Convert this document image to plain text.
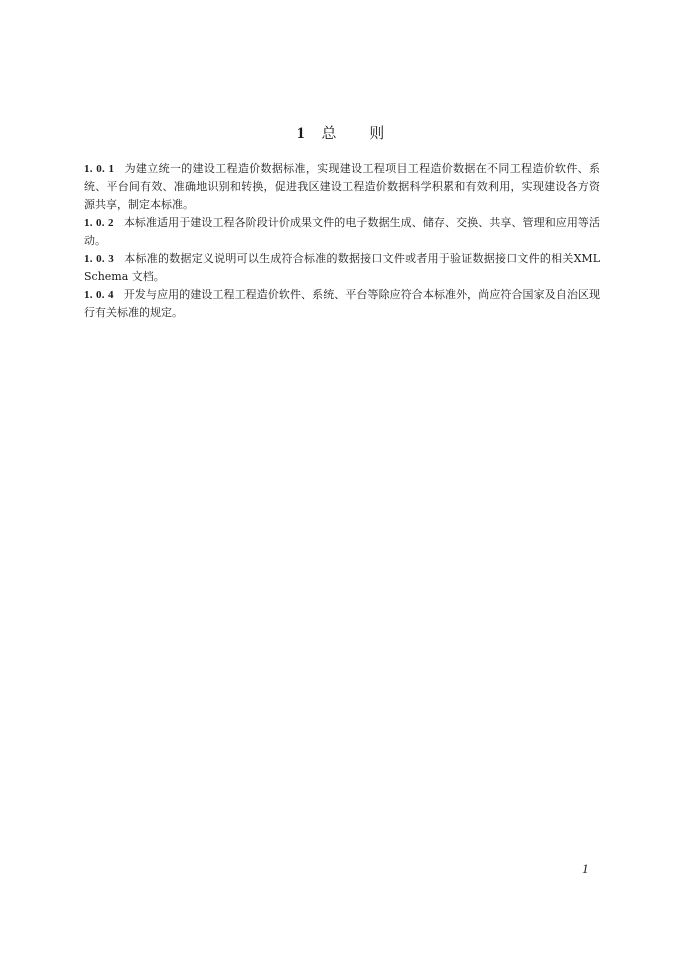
1 总 则

1. 0. 1 为建立统一的建设工程造价数据标准，实现建设工程项目工程造价数据在不同工程造价软件、系统、平台间有效、准确地识别和转换，促进我区建设工程造价数据科学积累和有效利用，实现建设各方资源共享，制定本标准。

1. 0. 2 本标准适用于建设工程各阶段计价成果文件的电子数据生成、储存、交换、共享、管理和应用等活动。

1. 0. 3 本标准的数据定义说明可以生成符合标准的数据接口文件或者用于验证数据接口文件的相关XML Schema 文档。

1. 0. 4 开发与应用的建设工程工程造价软件、系统、平台等除应符合本标准外，尚应符合国家及自治区现行有关标准的规定。

1
